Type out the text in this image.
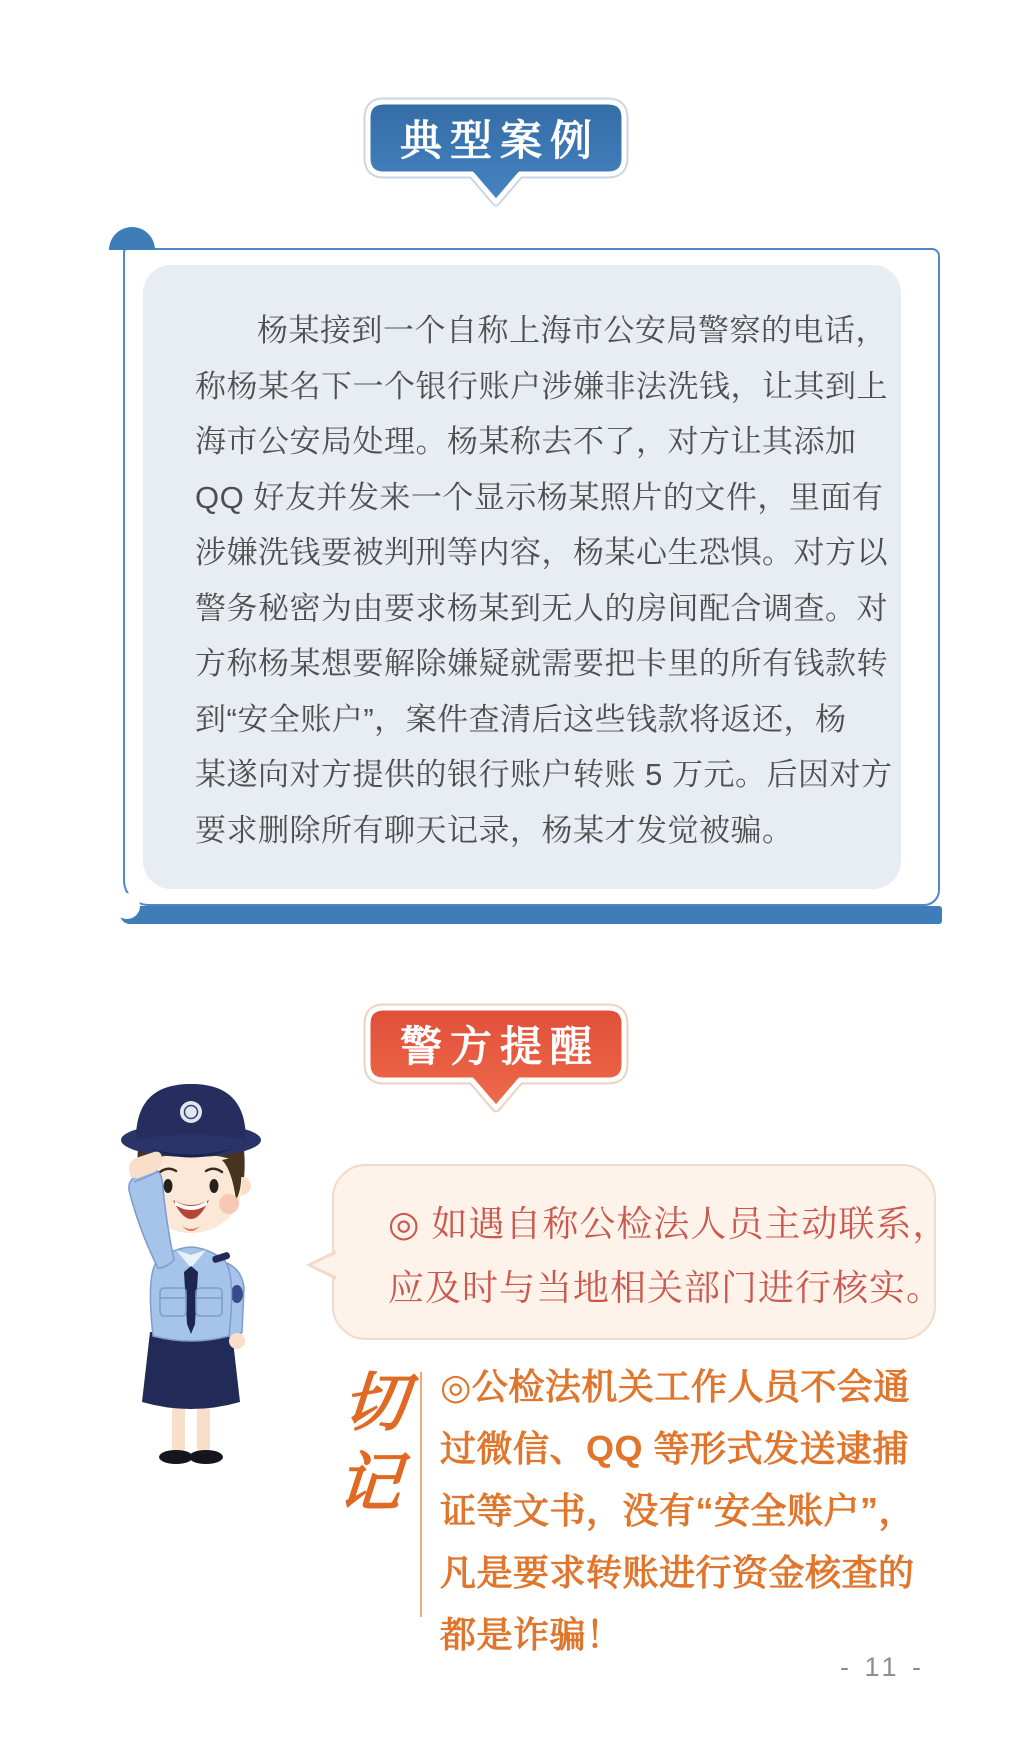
典型案例
杨某接到一个自称上海市公安局警察的电话，
称杨某名下一个银行账户涉嫌非法洗钱，让其到上
海市公安局处理。杨某称去不了，对方让其添加
QQ 好友并发来一个显示杨某照片的文件，里面有
涉嫌洗钱要被判刑等内容，杨某心生恐惧。对方以
警务秘密为由要求杨某到无人的房间配合调查。对
方称杨某想要解除嫌疑就需要把卡里的所有钱款转
到“安全账户”，案件查清后这些钱款将返还，杨
某遂向对方提供的银行账户转账 5 万元。后因对方
要求删除所有聊天记录，杨某才发觉被骗。
警方提醒
◎ 如遇自称公检法人员主动联系，
应及时与当地相关部门进行核实。
切记 ◎公检法机关工作人员不会通
过微信、QQ 等形式发送逮捕
证等文书，没有“安全账户”，
凡是要求转账进行资金核查的
都是诈骗！
- 11 -
